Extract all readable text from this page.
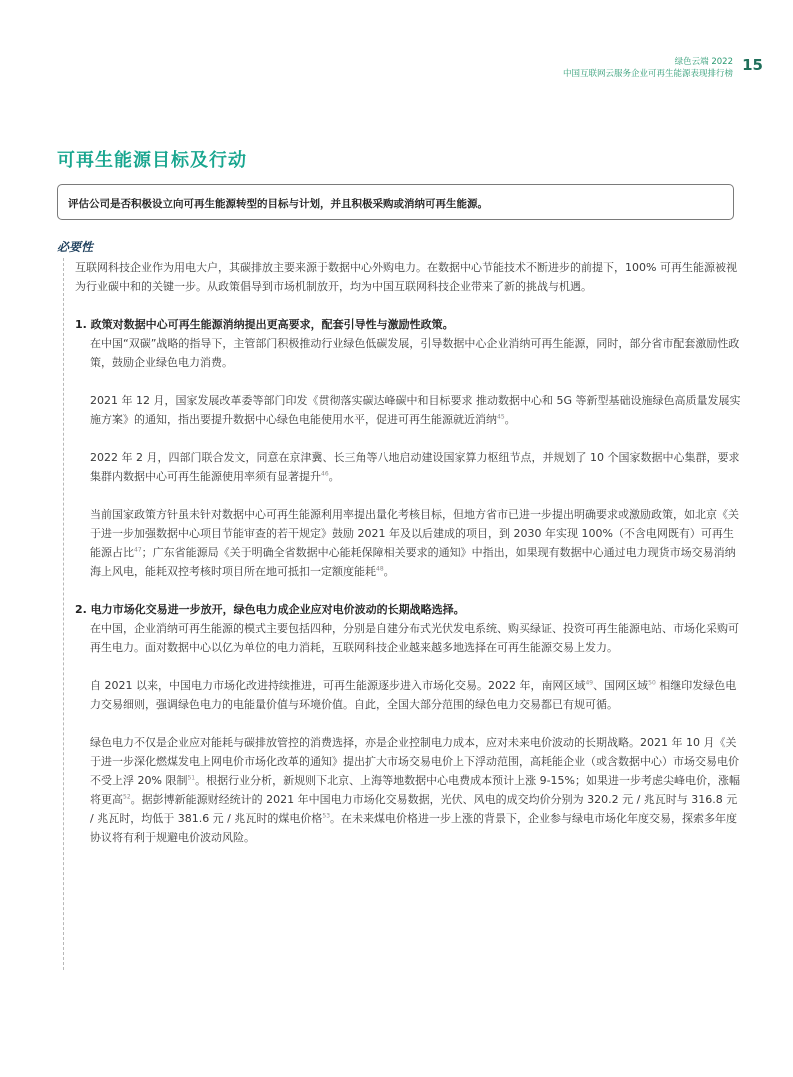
绿色云端 2022
中国互联网云服务企业可再生能源表现排行榜 15
可再生能源目标及行动
评估公司是否积极设立向可再生能源转型的目标与计划，并且积极采购或消纳可再生能源。
必要性

互联网科技企业作为用电大户，其碳排放主要来源于数据中心外购电力。在数据中心节能技术不断进步的前提下，100% 可再生能源被视为行业碳中和的关键一步。从政策倡导到市场机制放开，均为中国互联网科技企业带来了新的挑战与机遇。

1. 政策对数据中心可再生能源消纳提出更高要求，配套引导性与激励性政策。

在中国“双碳”战略的指导下，主管部门积极推动行业绿色低碳发展，引导数据中心企业消纳可再生能源，同时，部分省市配套激励性政策，鼓励企业绿色电力消费。

2021 年 12 月，国家发展改革委等部门印发《贯彻落实碳达峰碳中和目标要求 推动数据中心和 5G 等新型基础设施绿色高质量发展实施方案》的通知，指出要提升数据中心绿色电能使用水平，促进可再生能源就近消纳$^{45}$。

2022 年 2 月，四部门联合发文，同意在京津冀、长三角等八地启动建设国家算力枢纽节点，并规划了 10 个国家数据中心集群，要求集群内数据中心可再生能源使用率须有显著提升$^{46}$。

当前国家政策方针虽未针对数据中心可再生能源利用率提出量化考核目标，但地方省市已进一步提出明确要求或激励政策，如北京《关于进一步加强数据中心项目节能审查的若干规定》鼓励 2021 年及以后建成的项目，到 2030 年实现 100%（不含电网既有）可再生能源占比$^{47}$；广东省能源局《关于明确全省数据中心能耗保障相关要求的通知》中指出，如果现有数据中心通过电力现货市场交易消纳海上风电，能耗双控考核时项目所在地可抵扣一定额度能耗$^{48}$。

2. 电力市场化交易进一步放开，绿色电力成企业应对电价波动的长期战略选择。

在中国，企业消纳可再生能源的模式主要包括四种，分别是自建分布式光伏发电系统、购买绿证、投资可再生能源电站、市场化采购可再生电力。面对数据中心以亿为单位的电力消耗，互联网科技企业越来越多地选择在可再生能源交易上发力。

自 2021 以来，中国电力市场化改进持续推进，可再生能源逐步进入市场化交易。2022 年，南网区域$^{49}$、国网区域$^{50}$ 相继印发绿色电力交易细则，强调绿色电力的电能量价值与环境价值。自此，全国大部分范围的绿色电力交易都已有规可循。

绿色电力不仅是企业应对能耗与碳排放管控的消费选择，亦是企业控制电力成本，应对未来电价波动的长期战略。2021 年 10 月《关于进一步深化燃煤发电上网电价市场化改革的通知》提出扩大市场交易电价上下浮动范围，高耗能企业（或含数据中心）市场交易电价不受上浮 20% 限制$^{51}$。根据行业分析，新规则下北京、上海等地数据中心电费成本预计上涨 9-15%；如果进一步考虑尖峰电价，涨幅将更高$^{52}$。据彭博新能源财经统计的 2021 年中国电力市场化交易数据，光伏、风电的成交均价分别为 320.2 元 / 兆瓦时与 316.8 元 / 兆瓦时，均低于 381.6 元 / 兆瓦时的煤电价格$^{53}$。在未来煤电价格进一步上涨的背景下，企业参与绿电市场化年度交易，探索多年度协议将有利于规避电价波动风险。
